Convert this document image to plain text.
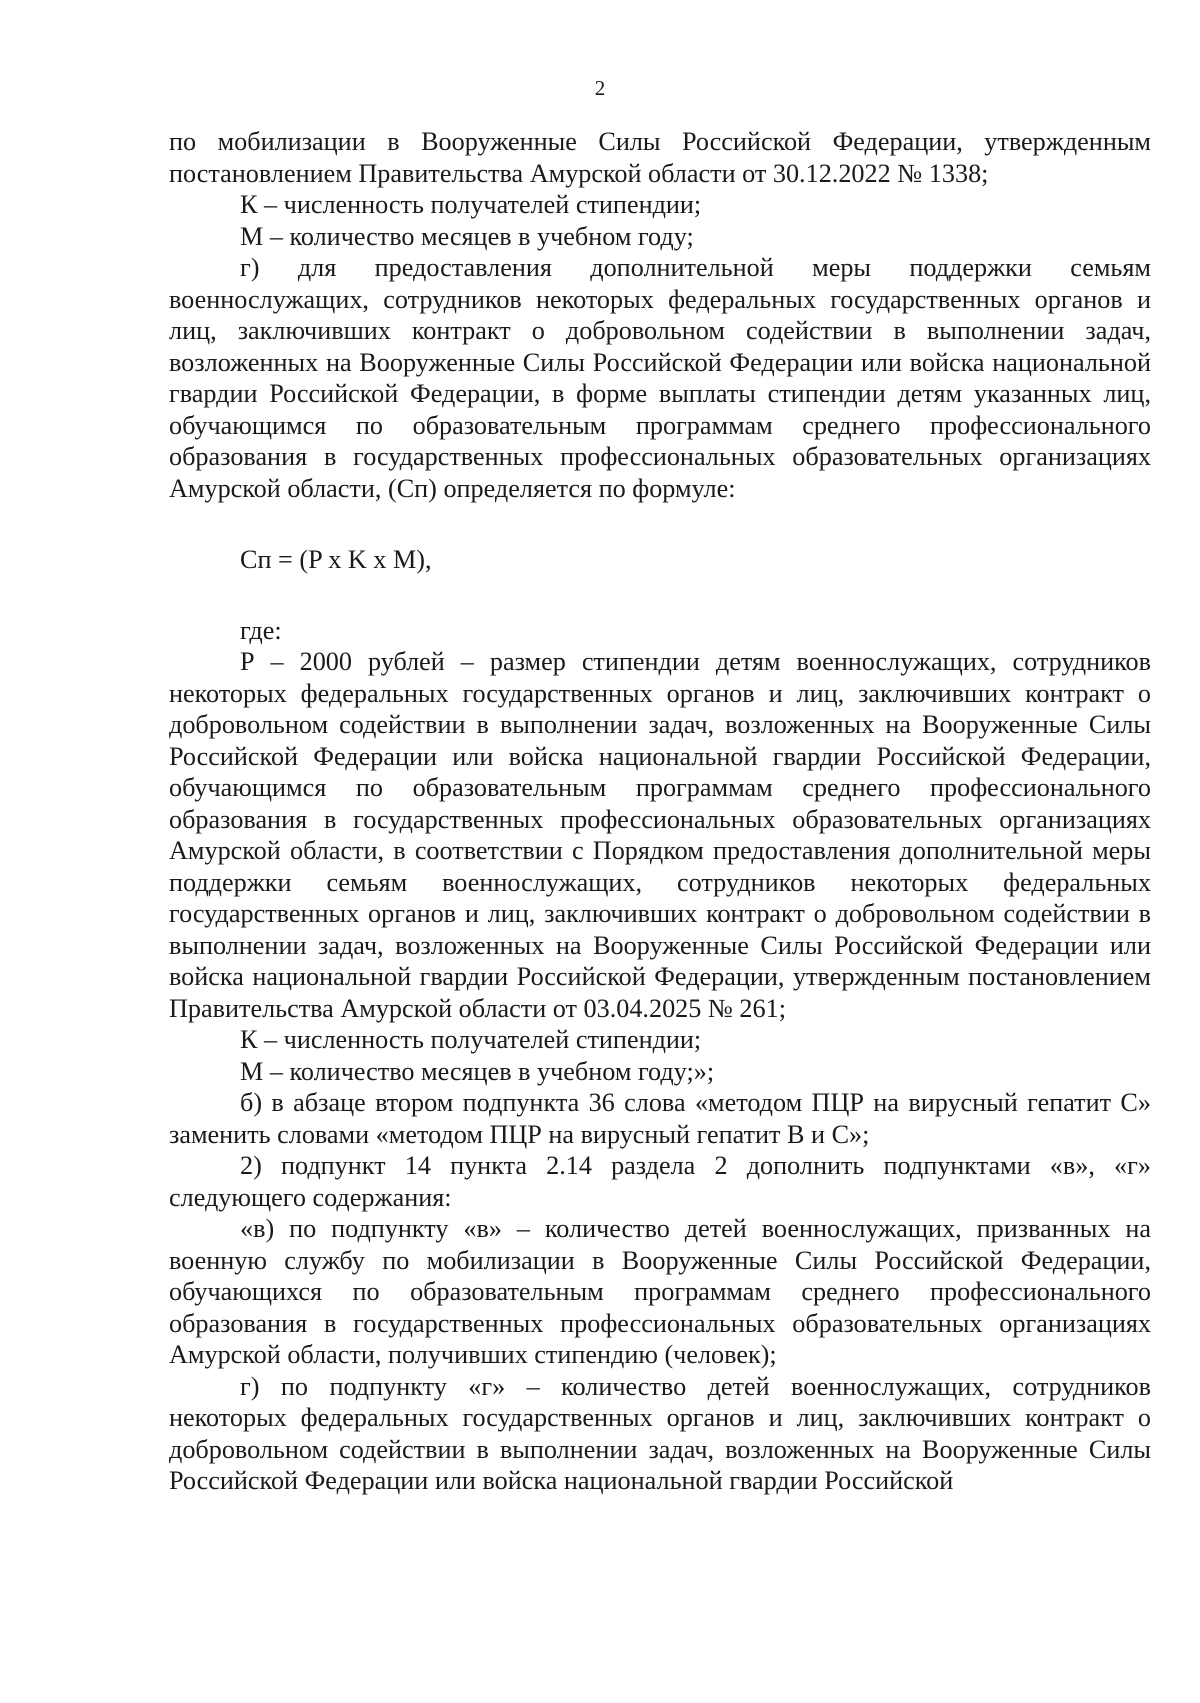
2

по мобилизации в Вооруженные Силы Российской Федерации, утвержденным постановлением Правительства Амурской области от 30.12.2022 № 1338;

К – численность получателей стипендии;

М – количество месяцев в учебном году;

г) для предоставления дополнительной меры поддержки семьям военнослужащих, сотрудников некоторых федеральных государственных органов и лиц, заключивших контракт о добровольном содействии в выполнении задач, возложенных на Вооруженные Силы Российской Федерации или войска национальной гвардии Российской Федерации, в форме выплаты стипендии детям указанных лиц, обучающимся по образовательным программам среднего профессионального образования в государственных профессиональных образовательных организациях Амурской области, (Сп) определяется по формуле:

Сп = (P x K x M),

где:

Р – 2000 рублей – размер стипендии детям военнослужащих, сотрудников некоторых федеральных государственных органов и лиц, заключивших контракт о добровольном содействии в выполнении задач, возложенных на Вооруженные Силы Российской Федерации или войска национальной гвардии Российской Федерации, обучающимся по образовательным программам среднего профессионального образования в государственных профессиональных образовательных организациях Амурской области, в соответствии с Порядком предоставления дополнительной меры поддержки семьям военнослужащих, сотрудников некоторых федеральных государственных органов и лиц, заключивших контракт о добровольном содействии в выполнении задач, возложенных на Вооруженные Силы Российской Федерации или войска национальной гвардии Российской Федерации, утвержденным постановлением Правительства Амурской области от 03.04.2025 № 261;

К – численность получателей стипендии;

М – количество месяцев в учебном году;»;

б) в абзаце втором подпункта 36 слова «методом ПЦР на вирусный гепатит С» заменить словами «методом ПЦР на вирусный гепатит В и С»;

2) подпункт 14 пункта 2.14 раздела 2 дополнить подпунктами «в», «г» следующего содержания:

«в) по подпункту «в» – количество детей военнослужащих, призванных на военную службу по мобилизации в Вооруженные Силы Российской Федерации, обучающихся по образовательным программам среднего профессионального образования в государственных профессиональных образовательных организациях Амурской области, получивших стипендию (человек);

г) по подпункту «г» – количество детей военнослужащих, сотрудников некоторых федеральных государственных органов и лиц, заключивших контракт о добровольном содействии в выполнении задач, возложенных на Вооруженные Силы Российской Федерации или войска национальной гвардии Российской
